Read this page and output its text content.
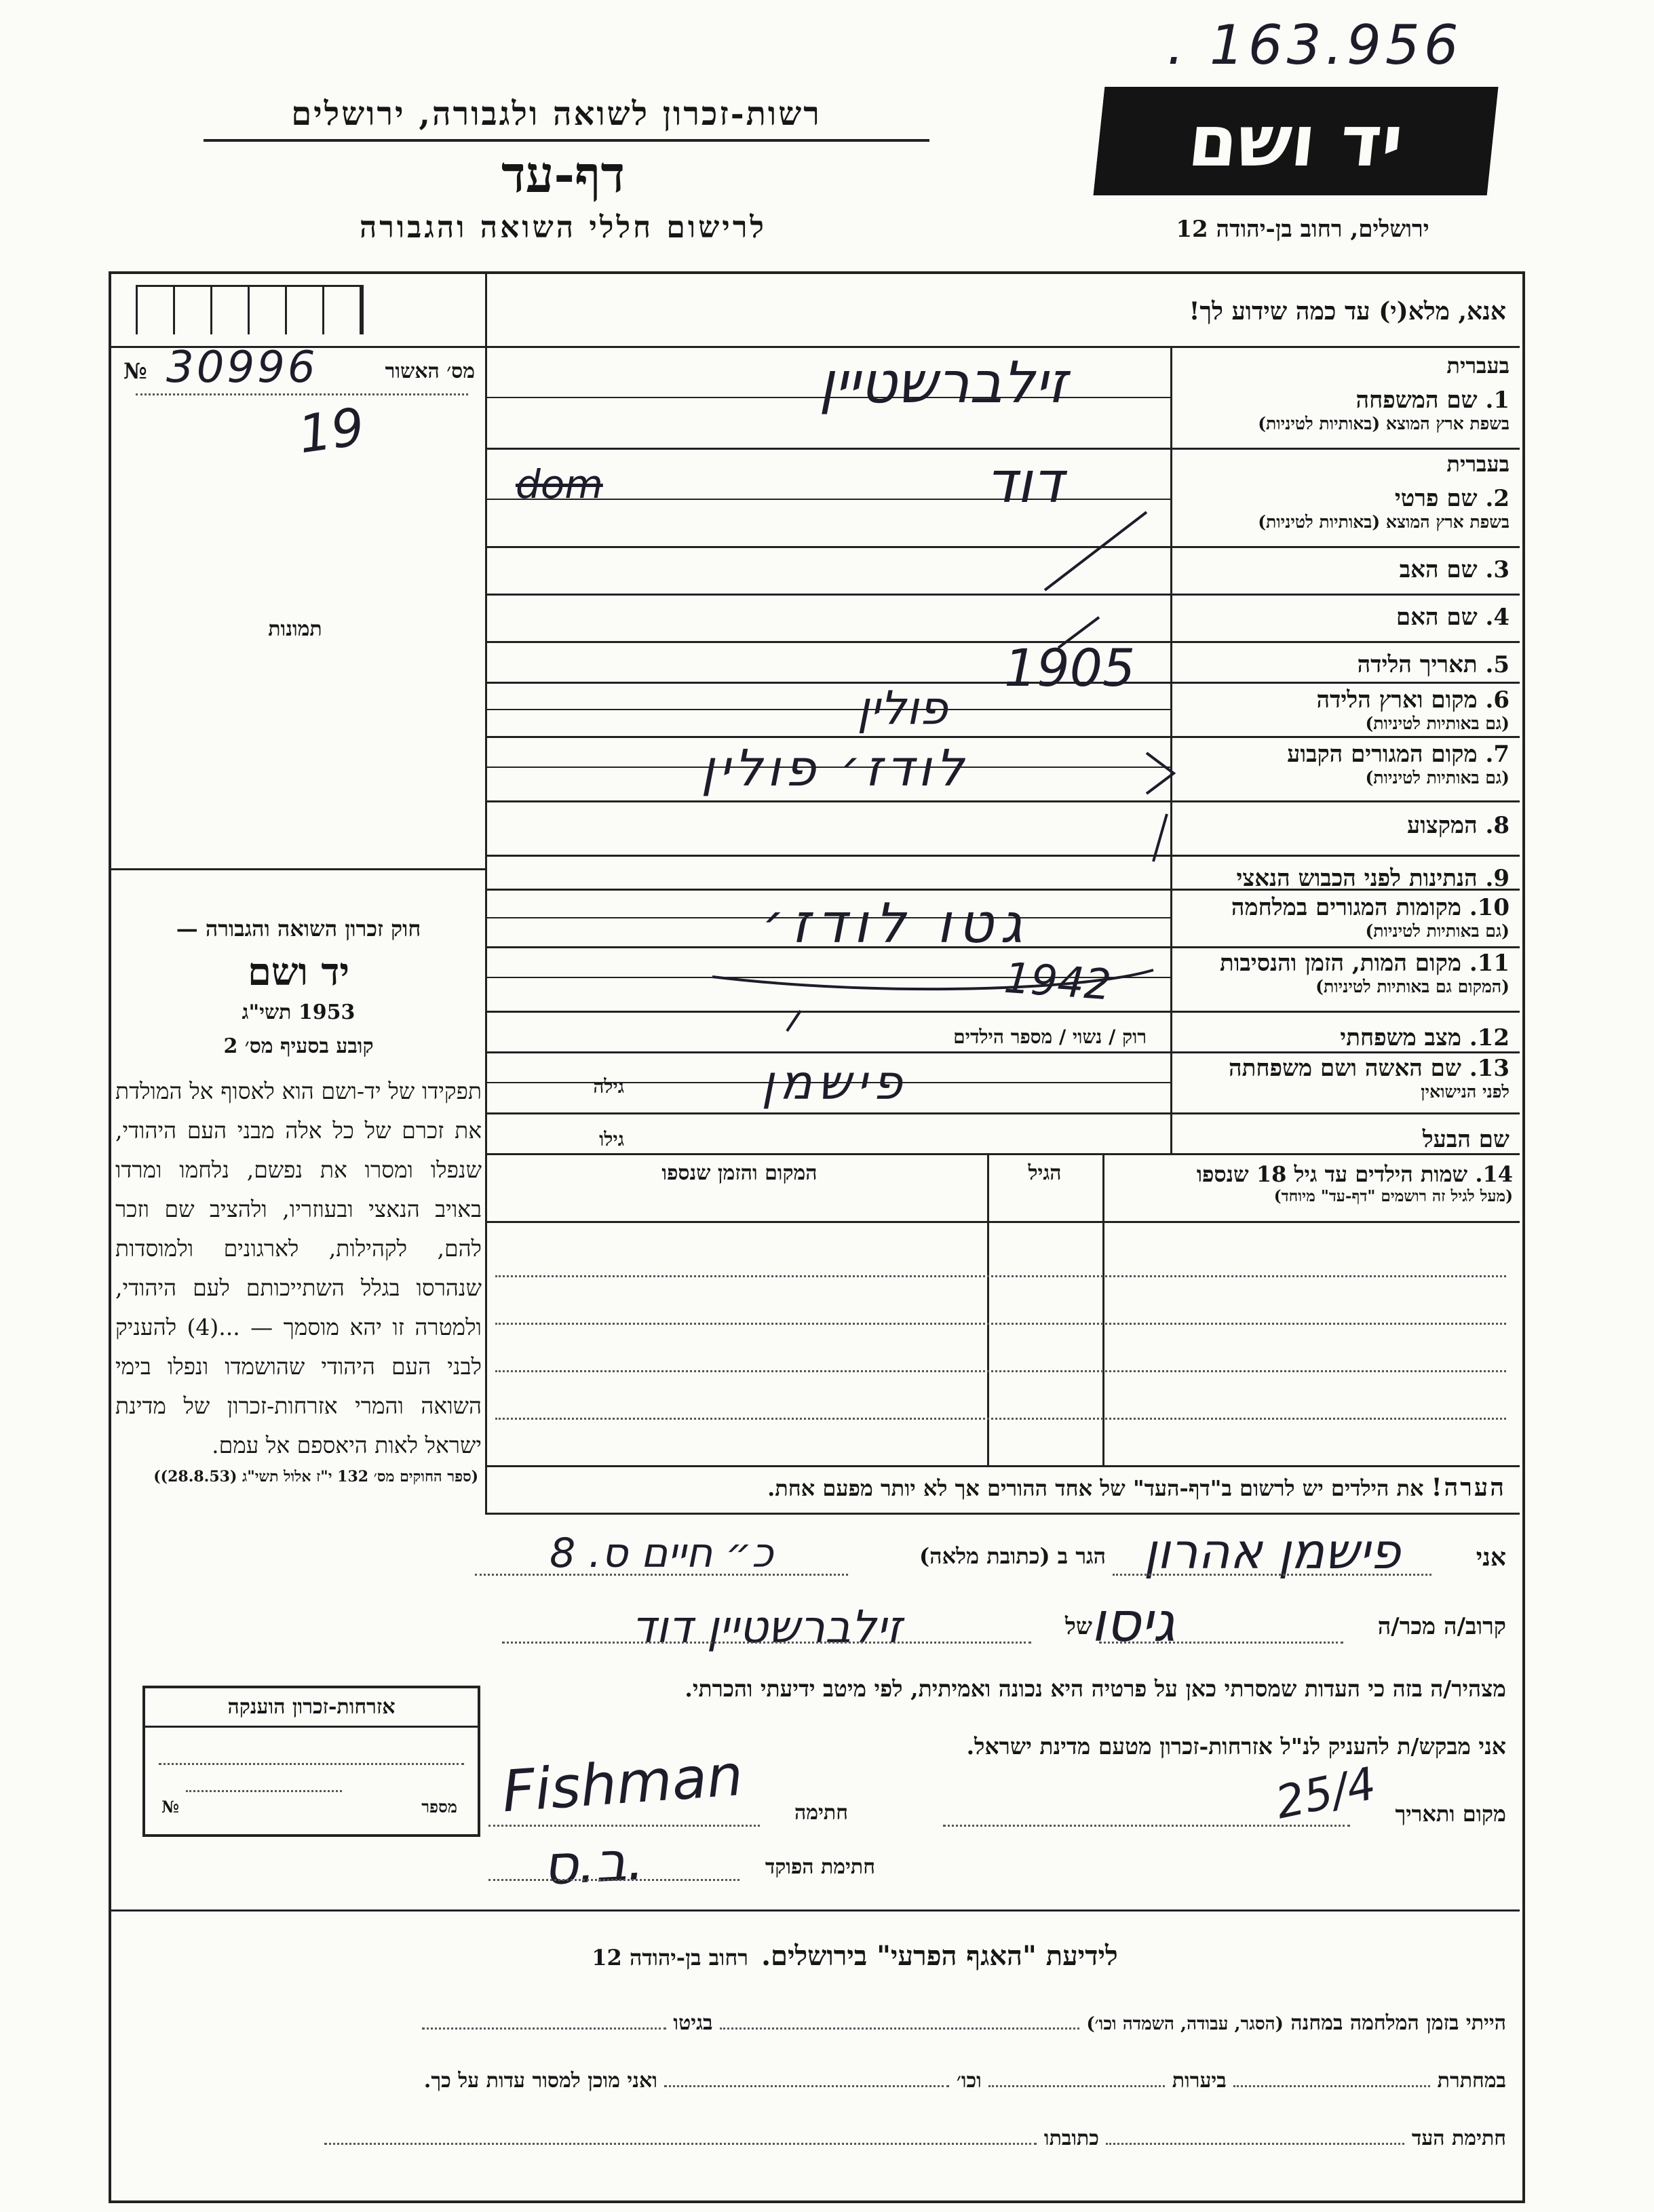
. 163.956
רשות-זכרון לשואה ולגבורה, ירושלים
דף-עד
לרישום חללי השואה והגבורה
יד ושם
ירושלים, רחוב בן-יהודה 12
אנא, מלא(י) עד כמה שידוע לך!
№ 30996	מס׳ האשור
19
תמונות
בעברית
1. שם המשפחה
בשפת ארץ המוצא (באותיות לטיניות)
בעברית
2. שם פרטי
בשפת ארץ המוצא (באותיות לטיניות)
3. שם האב
4. שם האם
5. תאריך הלידה
6. מקום וארץ הלידה
(גם באותיות לטיניות)
7. מקום המגורים הקבוע
(גם באותיות לטיניות)
8. המקצוע
9. הנתינות לפני הכבוש הנאצי
10. מקומות המגורים במלחמה
(גם באותיות לטיניות)
11. מקום המות, הזמן והנסיבות
(המקום גם באותיות לטיניות)
12. מצב משפחתי
רוק / נשוי / מספר הילדים
13. שם האשה ושם משפחתה
לפני הנישואין
גילה
שם הבעל
גילו
זילברשטיין
דוד
dom
1905
פולין
לודז׳ פולין
גטו לודז׳
1942
פישמן
חוק זכרון השואה והגבורה —
יד ושם
1953 תשי"ג
קובע בסעיף מס׳ 2
תפקידו של יד-ושם הוא לאסוף אל המולדת את זכרם של כל אלה מבני העם היהודי, שנפלו ומסרו את נפשם, נלחמו ומרדו באויב הנאצי ובעוזריו, ולהציב שם וזכר להם, לקהילות, לארגונים ולמוסדות שנהרסו בגלל השתייכותם לעם היהודי, ולמטרה זו יהא מוסמך — ...(4) להעניק לבני העם היהודי שהושמדו ונפלו בימי השואה והמרי אזרחות-זכרון של מדינת ישראל לאות היאספם אל עמם.
(ספר החוקים מס׳ 132 י"ז אלול תשי"ג (28.8.53))
14. שמות הילדים עד גיל 18 שנספו
(מעל לגיל זה רושמים "דף-עד" מיוחד)
הגיל
המקום והזמן שנספו
הערה! את הילדים יש לרשום ב"דף-העד" של אחד ההורים אך לא יותר מפעם אחת.
אני
פישמן אהרון
הגר ב (כתובת מלאה)
כ״ חיים ס. 8
קרוב/ה מכר/ה
גיסו
של
זילברשטיין דוד
מצהיר/ה בזה כי העדות שמסרתי כאן על פרטיה היא נכונה ואמיתית, לפי מיטב ידיעתי והכרתי.
אני מבקש/ת להעניק לנ"ל אזרחות-זכרון מטעם מדינת ישראל.
מקום ותאריך
25/4
חתימה
Fishman
חתימת הפוקד
ב.ס.
אזרחות-זכרון הוענקה
№	מספר
לידיעת "האגף הפרעי" בירושלים. רחוב בן-יהודה 12
הייתי בזמן המלחמה במחנה (הסגר, עבודה, השמדה וכו׳)  בגיטו
במחתרת  ביערות  וכו׳  ואני מוכן למסור עדות על כך.
חתימת העד  כתובתו
